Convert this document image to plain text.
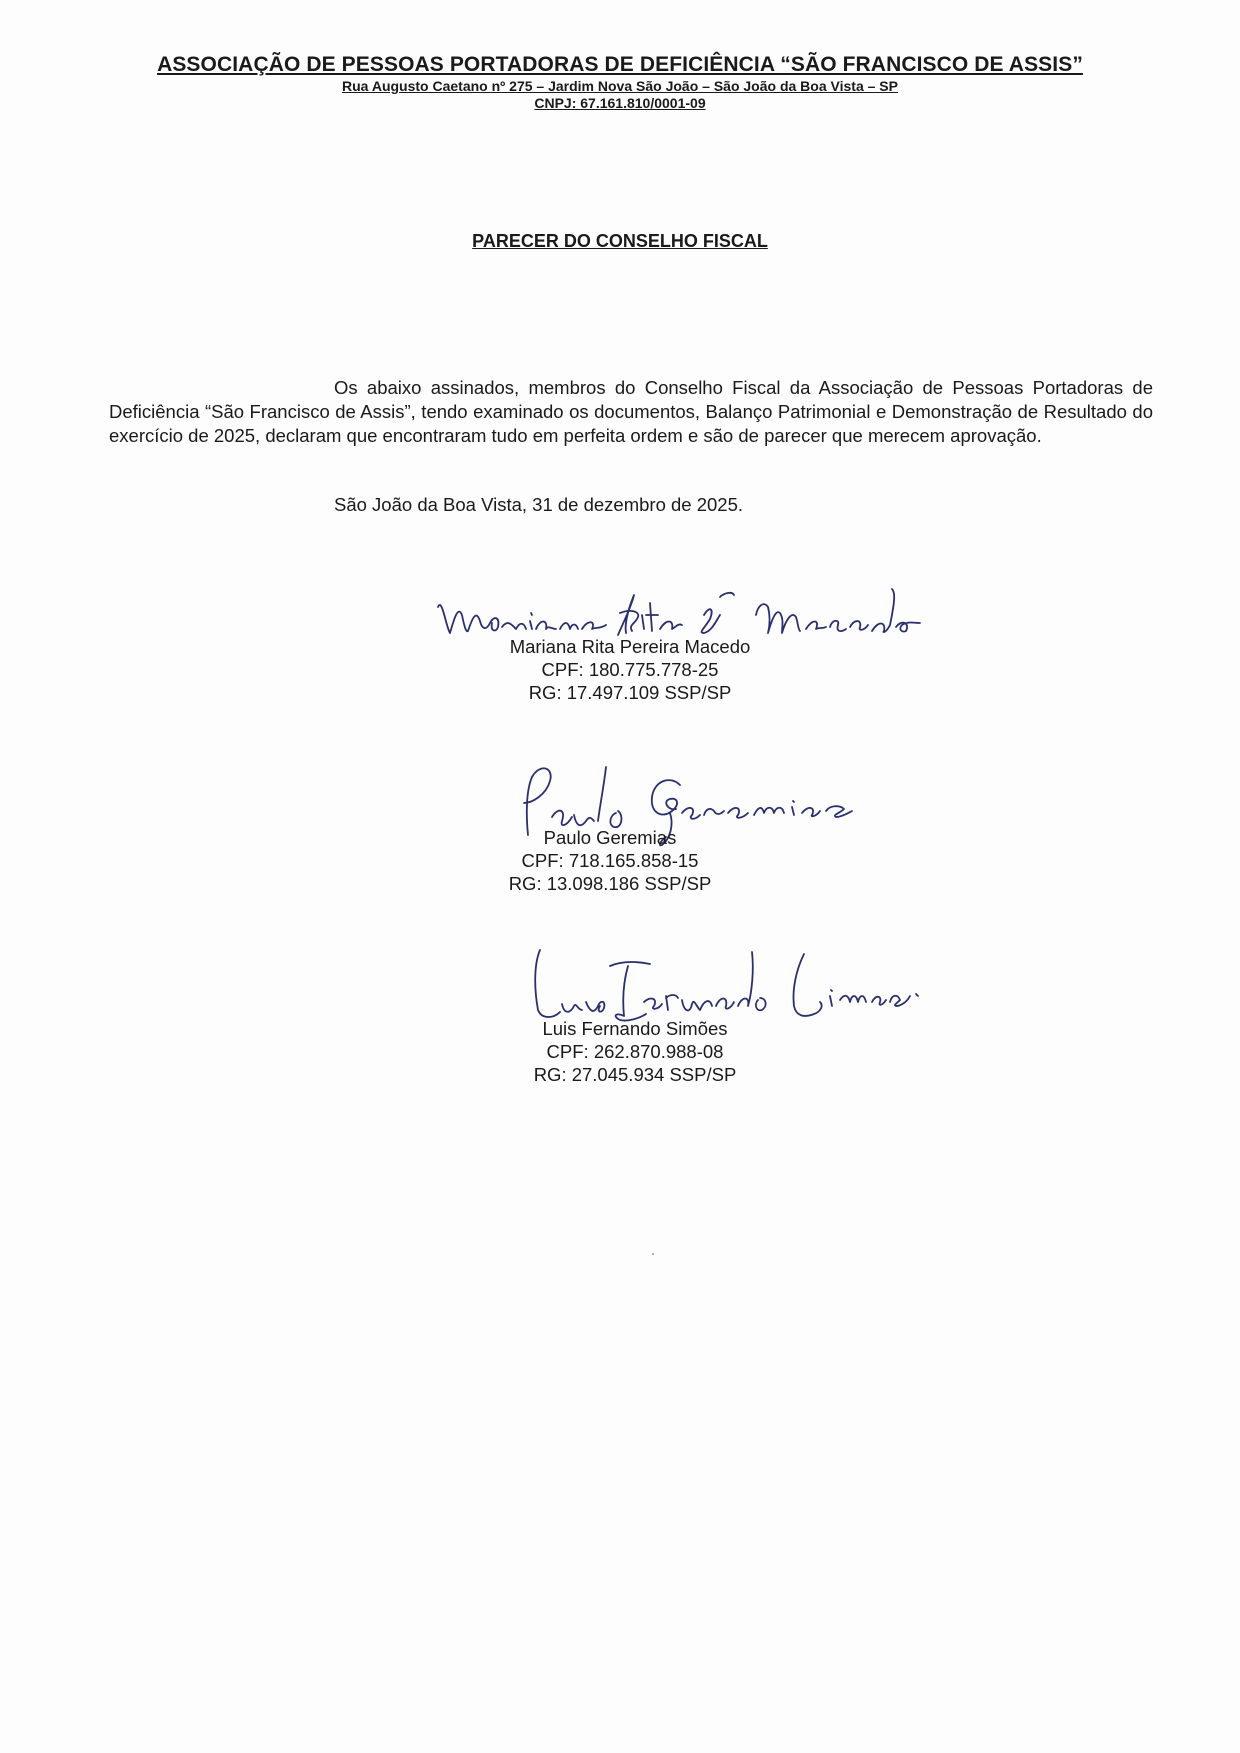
ASSOCIAÇÃO DE PESSOAS PORTADORAS DE DEFICIÊNCIA “SÃO FRANCISCO DE ASSIS”

Rua Augusto Caetano nº 275 – Jardim Nova São João – São João da Boa Vista – SP

CNPJ: 67.161.810/0001-09

PARECER DO CONSELHO FISCAL

Os abaixo assinados, membros do Conselho Fiscal da Associação de Pessoas Portadoras de Deficiência “São Francisco de Assis”, tendo examinado os documentos, Balanço Patrimonial e Demonstração de Resultado do exercício de 2025, declaram que encontraram tudo em perfeita ordem e são de parecer que merecem aprovação.

São João da Boa Vista, 31 de dezembro de 2025.

Mariana Rita Pereira Macedo
CPF: 180.775.778-25
RG: 17.497.109 SSP/SP
Paulo Geremias
CPF: 718.165.858-15
RG: 13.098.186 SSP/SP
Luis Fernando Simões
CPF: 262.870.988-08
RG: 27.045.934 SSP/SP
